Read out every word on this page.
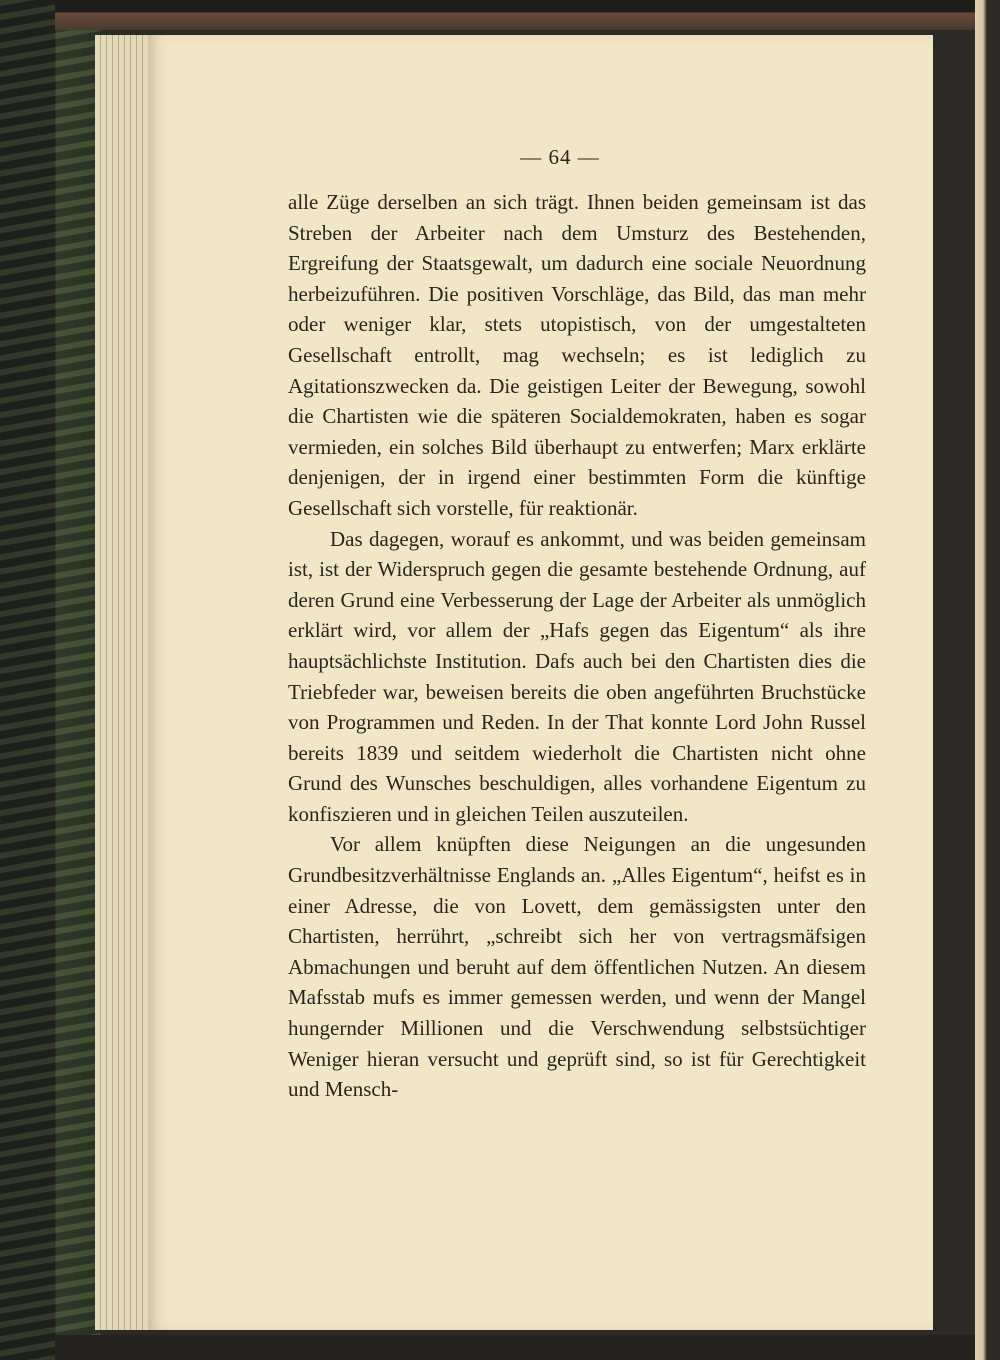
— 64 —

alle Züge derselben an sich trägt. Ihnen beiden gemeinsam ist das Streben der Arbeiter nach dem Umsturz des Bestehenden, Ergreifung der Staatsgewalt, um dadurch eine sociale Neuordnung herbeizuführen. Die positiven Vorschläge, das Bild, das man mehr oder weniger klar, stets utopistisch, von der umgestalteten Gesellschaft entrollt, mag wechseln; es ist lediglich zu Agitationszwecken da. Die geistigen Leiter der Bewegung, sowohl die Chartisten wie die späteren Socialdemokraten, haben es sogar vermieden, ein solches Bild überhaupt zu entwerfen; Marx erklärte denjenigen, der in irgend einer bestimmten Form die künftige Gesellschaft sich vorstelle, für reaktionär.

Das dagegen, worauf es ankommt, und was beiden gemeinsam ist, ist der Widerspruch gegen die gesamte bestehende Ordnung, auf deren Grund eine Verbesserung der Lage der Arbeiter als unmöglich erklärt wird, vor allem der „Hafs gegen das Eigentum“ als ihre hauptsächlichste Institution. Dafs auch bei den Chartisten dies die Triebfeder war, beweisen bereits die oben angeführten Bruchstücke von Programmen und Reden. In der That konnte Lord John Russel bereits 1839 und seitdem wiederholt die Chartisten nicht ohne Grund des Wunsches beschuldigen, alles vorhandene Eigentum zu konfiszieren und in gleichen Teilen auszuteilen.

Vor allem knüpften diese Neigungen an die ungesunden Grundbesitzverhältnisse Englands an. „Alles Eigentum“, heifst es in einer Adresse, die von Lovett, dem gemässigsten unter den Chartisten, herrührt, „schreibt sich her von vertragsmäfsigen Abmachungen und beruht auf dem öffentlichen Nutzen. An diesem Mafsstab mufs es immer gemessen werden, und wenn der Mangel hungernder Millionen und die Verschwendung selbstsüchtiger Weniger hieran versucht und geprüft sind, so ist für Gerechtigkeit und Mensch-
